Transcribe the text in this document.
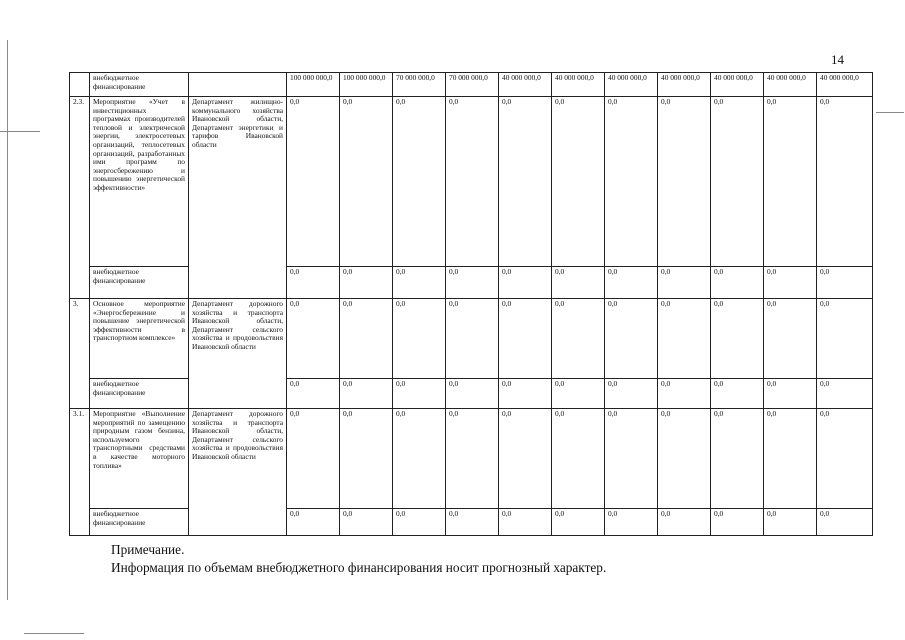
14
	внебюджетное финансирование		100 000 000,0	100 000 000,0	70 000 000,0	70 000 000,0	40 000 000,0	40 000 000,0	40 000 000,0	40 000 000,0	40 000 000,0	40 000 000,0	40 000 000,0
2.3.	Мероприятие «Учет в инвестиционных программах производителей тепловой и электрической энергии, электросетевых организаций, теплосетевых организаций, разработанных ими программ по энергосбережению и повышению энергетической эффективности»	Департамент жилищно-коммунального хозяйства Ивановской области, Департамент энергетики и тарифов Ивановской области	0,0	0,0	0,0	0,0	0,0	0,0	0,0	0,0	0,0	0,0	0,0
	внебюджетное финансирование		0,0	0,0	0,0	0,0	0,0	0,0	0,0	0,0	0,0	0,0	0,0
3.	Основное мероприятие «Энергосбережение и повышение энергетической эффективности в транспортном комплексе»	Департамент дорожного хозяйства и транспорта Ивановской области, Департамент сельского хозяйства и продовольствия Ивановской области	0,0	0,0	0,0	0,0	0,0	0,0	0,0	0,0	0,0	0,0	0,0
	внебюджетное финансирование		0,0	0,0	0,0	0,0	0,0	0,0	0,0	0,0	0,0	0,0	0,0
3.1.	Мероприятие «Выполнение мероприятий по замещению природным газом бензина, используемого транспортными средствами в качестве моторного топлива»	Департамент дорожного хозяйства и транспорта Ивановской области, Департамент сельского хозяйства и продовольствия Ивановской области	0,0	0,0	0,0	0,0	0,0	0,0	0,0	0,0	0,0	0,0	0,0
	внебюджетное финансирование		0,0	0,0	0,0	0,0	0,0	0,0	0,0	0,0	0,0	0,0	0,0
Примечание.
Информация по объемам внебюджетного финансирования носит прогнозный характер.
